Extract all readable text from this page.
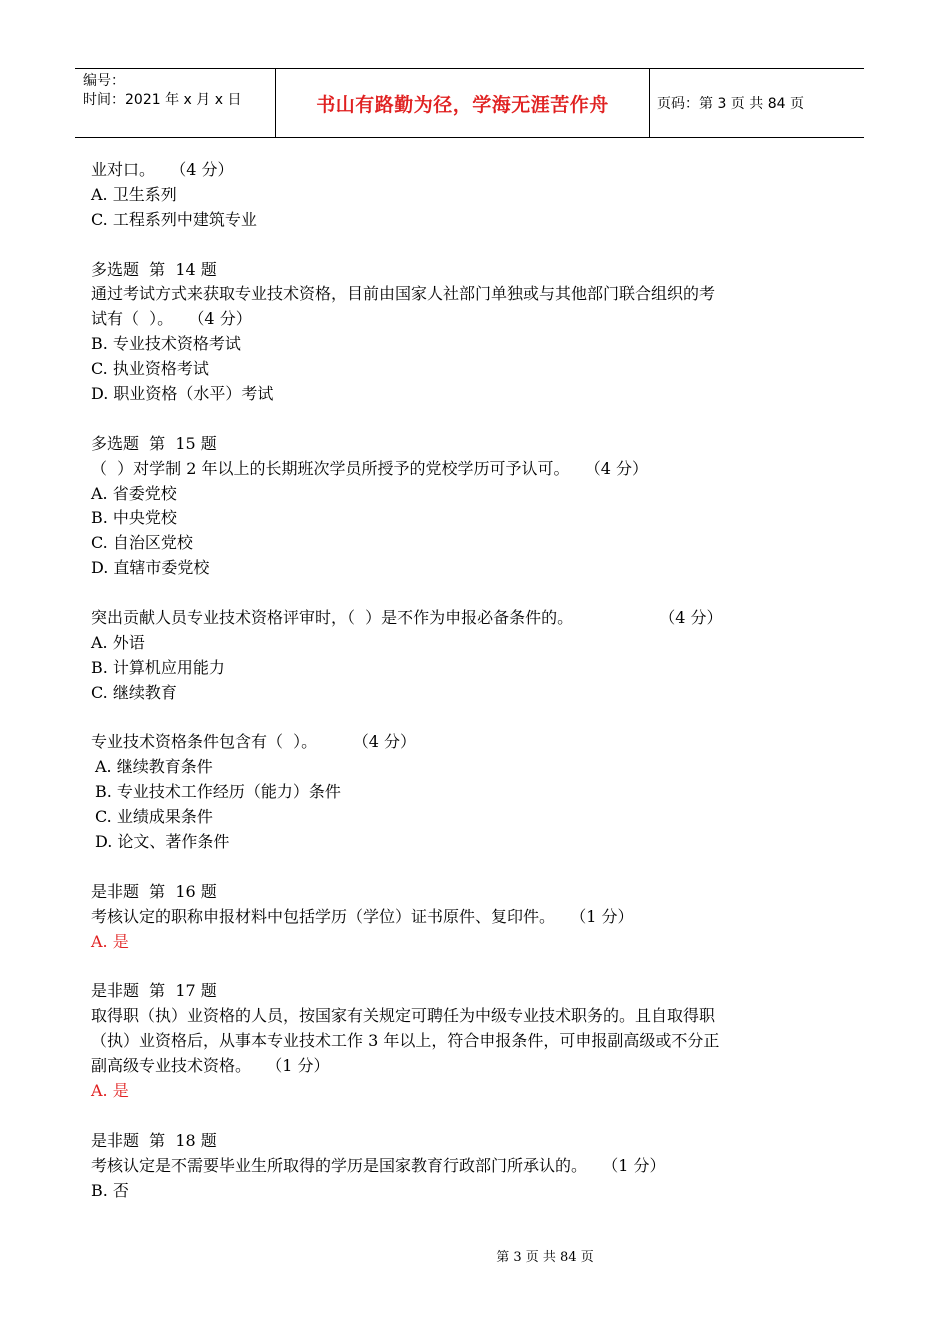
编号：
时间：2021 年 x 月 x 日	书山有路勤为径，学海无涯苦作舟	页码：第 3 页 共 84 页
业对口。   （4 分）
A. 卫生系列
C. 工程系列中建筑专业
多选题  第  14 题
通过考试方式来获取专业技术资格，目前由国家人社部门单独或与其他部门联合组织的考
试有（  ）。   （4 分）
B. 专业技术资格考试
C. 执业资格考试
D. 职业资格（水平）考试
多选题  第  15 题
（  ）对学制 2 年以上的长期班次学员所授予的党校学历可予认可。   （4 分）
A. 省委党校
B. 中央党校
C. 自治区党校
D. 直辖市委党校
突出贡献人员专业技术资格评审时，（  ）是不作为申报必备条件的。	（4 分）
A. 外语
B. 计算机应用能力
C. 继续教育
专业技术资格条件包含有（  ）。       （4 分）
A. 继续教育条件
B. 专业技术工作经历（能力）条件
C. 业绩成果条件
D. 论文、著作条件
是非题  第  16 题
考核认定的职称申报材料中包括学历（学位）证书原件、复印件。   （1 分）
A. 是
是非题  第  17 题
取得职（执）业资格的人员，按国家有关规定可聘任为中级专业技术职务的。且自取得职
（执）业资格后，从事本专业技术工作 3 年以上，符合申报条件，可申报副高级或不分正
副高级专业技术资格。   （1 分）
A. 是
是非题  第  18 题
考核认定是不需要毕业生所取得的学历是国家教育行政部门所承认的。   （1 分）
B. 否
第 3 页 共 84 页
